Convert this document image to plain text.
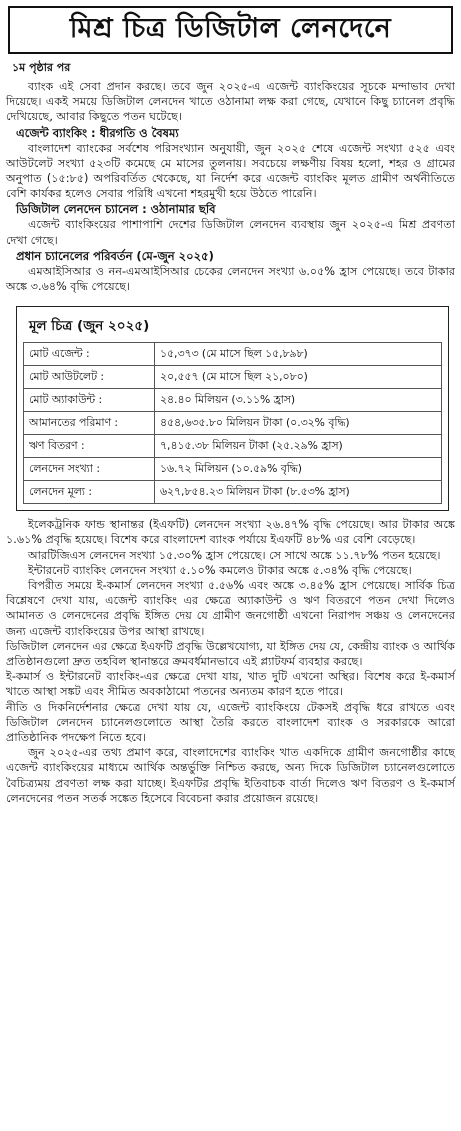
মিশ্র চিত্র ডিজিটাল লেনদেনে
১ম পৃষ্ঠার পর

ব্যাংক এই সেবা প্রদান করছে। তবে জুন ২০২৫-এ এজেন্ট ব্যাংকিংয়ের সূচকে মন্দাভাব দেখা দিয়েছে। একই সময়ে ডিজিটাল লেনদেন খাতে ওঠানামা লক্ষ করা গেছে, যেখানে কিছু চ্যানেল প্রবৃদ্ধি দেখিয়েছে, আবার কিছুতে পতন ঘটেছে।

এজেন্ট ব্যাংকিং : ধীরগতি ও বৈষম্য

বাংলাদেশ ব্যাংকের সর্বশেষ পরিসংখ্যান অনুযায়ী, জুন ২০২৫ শেষে এজেন্ট সংখ্যা ৫২৫ এবং আউটলেট সংখ্যা ৫২৩টি কমেছে মে মাসের তুলনায়। সবচেয়ে লক্ষণীয় বিষয় হলো, শহর ও গ্রামের অনুপাত (১৫:৮৫) অপরিবর্তিত থেকেছে, যা নির্দেশ করে এজেন্ট ব্যাংকিং মূলত গ্রামীণ অর্থনীতিতে বেশি কার্যকর হলেও সেবার পরিধি এখনো শহরমুখী হয়ে উঠতে পারেনি।

ডিজিটাল লেনদেন চ্যানেল : ওঠানামার ছবি

এজেন্ট ব্যাংকিংয়ের পাশাপাশি দেশের ডিজিটাল লেনদেন ব্যবস্থায় জুন ২০২৫-এ মিশ্র প্রবণতা দেখা গেছে।

প্রধান চ্যানেলের পরিবর্তন (মে-জুন ২০২৫)

এমআইসিআর ও নন-এমআইসিআর চেকের লেনদেন সংখ্যা ৬.০৫% হ্রাস পেয়েছে। তবে টাকার অঙ্কে ৩.৬৪% বৃদ্ধি পেয়েছে।

মূল চিত্র (জুন ২০২৫)
মোট এজেন্ট :	১৫,৩৭৩ (মে মাসে ছিল ১৫,৮৯৮)
মোট আউটলেট :	২০,৫৫৭ (মে মাসে ছিল ২১,০৮০)
মোট অ্যাকাউন্ট :	২৪.৪০ মিলিয়ন (৩.১১% হ্রাস)
আমানতের পরিমাণ :	৪৫৪,৬৩৫.৮০ মিলিয়ন টাকা (০.৩২% বৃদ্ধি)
ঋণ বিতরণ :	৭,৪১৫.৩৮ মিলিয়ন টাকা (২৫.২৯% হ্রাস)
লেনদেন সংখ্যা :	১৬.৭২ মিলিয়ন (১০.৫৯% বৃদ্ধি)
লেনদেন মূল্য :	৬২৭,৮৫৪.২৩ মিলিয়ন টাকা (৮.৫৩% হ্রাস)

ইলেকট্রনিক ফান্ড স্থানান্তর (ইএফটি) লেনদেন সংখ্যা ২৬.৪৭% বৃদ্ধি পেয়েছে। আর টাকার অঙ্কে ১.৬১% প্রবৃদ্ধি হয়েছে। বিশেষ করে বাংলাদেশ ব্যাংক পর্যায়ে ইএফটি ৪৮% এর বেশি বেড়েছে।

আরটিজিএস লেনদেন সংখ্যা ১৫.৩০% হ্রাস পেয়েছে। সে সাথে অঙ্কে ১১.৭৮% পতন হয়েছে।

ইন্টারনেট ব্যাংকিং লেনদেন সংখ্যা ৫.১০% কমলেও টাকার অঙ্কে ৫.৩৪% বৃদ্ধি পেয়েছে।

বিপরীত সময়ে ই-কমার্স লেনদেন সংখ্যা ৫.৫৬% এবং অঙ্কে ৩.৪৫% হ্রাস পেয়েছে। সার্বিক চিত্র বিশ্লেষণে দেখা যায়, এজেন্ট ব্যাংকিং এর ক্ষেত্রে অ্যাকাউন্ট ও ঋণ বিতরণে পতন দেখা দিলেও আমানত ও লেনদেনের প্রবৃদ্ধি ইঙ্গিত দেয় যে গ্রামীণ জনগোষ্ঠী এখনো নিরাপদ সঞ্চয় ও লেনদেনের জন্য এজেন্ট ব্যাংকিংয়ের উপর আস্থা রাখছে।

ডিজিটাল লেনদেন এর ক্ষেত্রে ইএফটি প্রবৃদ্ধি উল্লেখযোগ্য, যা ইঙ্গিত দেয় যে, কেন্দ্রীয় ব্যাংক ও আর্থিক প্রতিষ্ঠানগুলো দ্রুত তহবিল স্থানান্তরে ক্রমবর্ধমানভাবে এই প্ল্যাটফর্ম ব্যবহার করছে।

ই-কমার্স ও ইন্টারনেট ব্যাংকিং-এর ক্ষেত্রে দেখা যায়, খাত দুটি এখনো অস্থির। বিশেষ করে ই-কমার্স খাতে আস্থা সঙ্কট এবং সীমিত অবকাঠামো পতনের অন্যতম কারণ হতে পারে।

নীতি ও দিকনির্দেশনার ক্ষেত্রে দেখা যায় যে, এজেন্ট ব্যাংকিংয়ে টেকসই প্রবৃদ্ধি ধরে রাখতে এবং ডিজিটাল লেনদেন চ্যানেলগুলোতে আস্থা তৈরি করতে বাংলাদেশ ব্যাংক ও সরকারকে আরো প্রাতিষ্ঠানিক পদক্ষেপ নিতে হবে।

জুন ২০২৫-এর তথ্য প্রমাণ করে, বাংলাদেশের ব্যাংকিং খাত একদিকে গ্রামীণ জনগোষ্ঠীর কাছে এজেন্ট ব্যাংকিংয়ের মাধ্যমে আর্থিক অন্তর্ভুক্তি নিশ্চিত করছে, অন্য দিকে ডিজিটাল চ্যানেলগুলোতে বৈচিত্র্যময় প্রবণতা লক্ষ করা যাচ্ছে। ইএফটির প্রবৃদ্ধি ইতিবাচক বার্তা দিলেও ঋণ বিতরণ ও ই-কমার্স লেনদেনের পতন সতর্ক সঙ্কেত হিসেবে বিবেচনা করার প্রয়োজন রয়েছে।
